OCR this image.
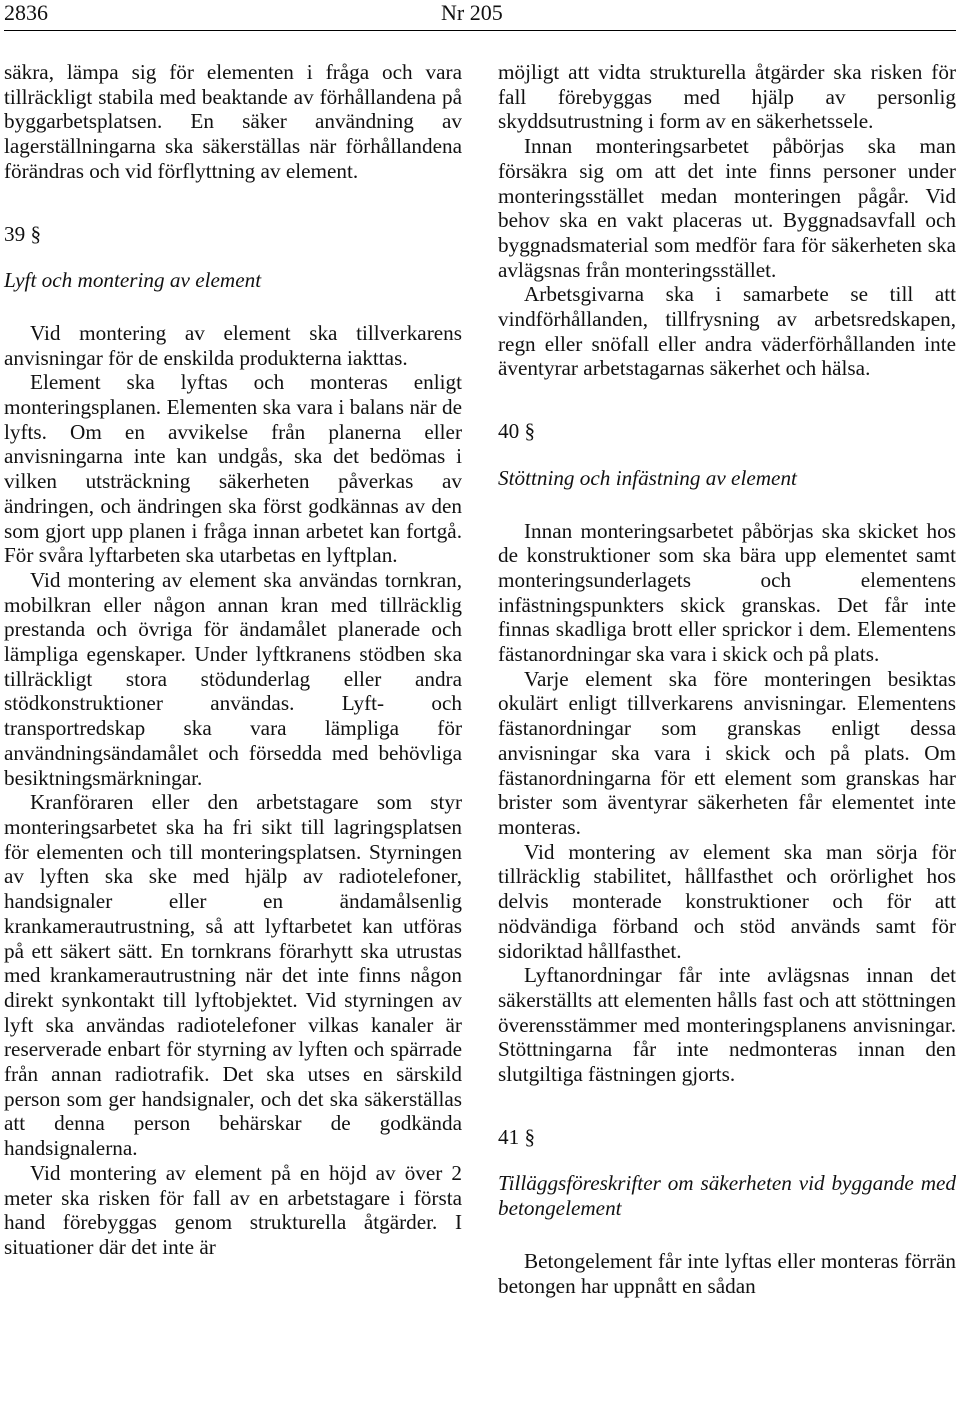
2836	Nr 205

säkra, lämpa sig för elementen i fråga och vara tillräckligt stabila med beaktande av förhållandena på byggarbetsplatsen. En säker användning av lagerställningarna ska säkerställas när förhållandena förändras och vid förflyttning av element.

39 §

Lyft och montering av element

Vid montering av element ska tillverkarens anvisningar för de enskilda produkterna iakttas.

Element ska lyftas och monteras enligt monteringsplanen. Elementen ska vara i balans när de lyfts. Om en avvikelse från planerna eller anvisningarna inte kan undgås, ska det bedömas i vilken utsträckning säkerheten påverkas av ändringen, och ändringen ska först godkännas av den som gjort upp planen i fråga innan arbetet kan fortgå. För svåra lyftarbeten ska utarbetas en lyftplan.

Vid montering av element ska användas tornkran, mobilkran eller någon annan kran med tillräcklig prestanda och övriga för ändamålet planerade och lämpliga egenskaper. Under lyftkranens stödben ska tillräckligt stora stödunderlag eller andra stödkonstruktioner användas. Lyft- och transportredskap ska vara lämpliga för användningsändamålet och försedda med behövliga besiktningsmärkningar.

Kranföraren eller den arbetstagare som styr monteringsarbetet ska ha fri sikt till lagringsplatsen för elementen och till monteringsplatsen. Styrningen av lyften ska ske med hjälp av radiotelefoner, handsignaler eller en ändamålsenlig krankamerautrustning, så att lyftarbetet kan utföras på ett säkert sätt. En tornkrans förarhytt ska utrustas med krankamerautrustning när det inte finns någon direkt synkontakt till lyftobjektet. Vid styrningen av lyft ska användas radiotelefoner vilkas kanaler är reserverade enbart för styrning av lyften och spärrade från annan radiotrafik. Det ska utses en särskild person som ger handsignaler, och det ska säkerställas att denna person behärskar de godkända handsignalerna.

Vid montering av element på en höjd av över 2 meter ska risken för fall av en arbetstagare i första hand förebyggas genom strukturella åtgärder. I situationer där det inte är

möjligt att vidta strukturella åtgärder ska risken för fall förebyggas med hjälp av personlig skyddsutrustning i form av en säkerhetssele.

Innan monteringsarbetet påbörjas ska man försäkra sig om att det inte finns personer under monteringsstället medan monteringen pågår. Vid behov ska en vakt placeras ut. Byggnadsavfall och byggnadsmaterial som medför fara för säkerheten ska avlägsnas från monteringsstället.

Arbetsgivarna ska i samarbete se till att vindförhållanden, tillfrysning av arbetsredskapen, regn eller snöfall eller andra väderförhållanden inte äventyrar arbetstagarnas säkerhet och hälsa.

40 §

Stöttning och infästning av element

Innan monteringsarbetet påbörjas ska skicket hos de konstruktioner som ska bära upp elementet samt monteringsunderlagets och elementens infästningspunkters skick granskas. Det får inte finnas skadliga brott eller sprickor i dem. Elementens fästanordningar ska vara i skick och på plats.

Varje element ska före monteringen besiktas okulärt enligt tillverkarens anvisningar. Elementens fästanordningar som granskas enligt dessa anvisningar ska vara i skick och på plats. Om fästanordningarna för ett element som granskas har brister som äventyrar säkerheten får elementet inte monteras.

Vid montering av element ska man sörja för tillräcklig stabilitet, hållfasthet och orörlighet hos delvis monterade konstruktioner och för att nödvändiga förband och stöd används samt för sidoriktad hållfasthet.

Lyftanordningar får inte avlägsnas innan det säkerställts att elementen hålls fast och att stöttningen överensstämmer med monteringsplanens anvisningar. Stöttningarna får inte nedmonteras innan den slutgiltiga fästningen gjorts.

41 §

Tilläggsföreskrifter om säkerheten vid byggande med betongelement

Betongelement får inte lyftas eller monteras förrän betongen har uppnått en sådan
